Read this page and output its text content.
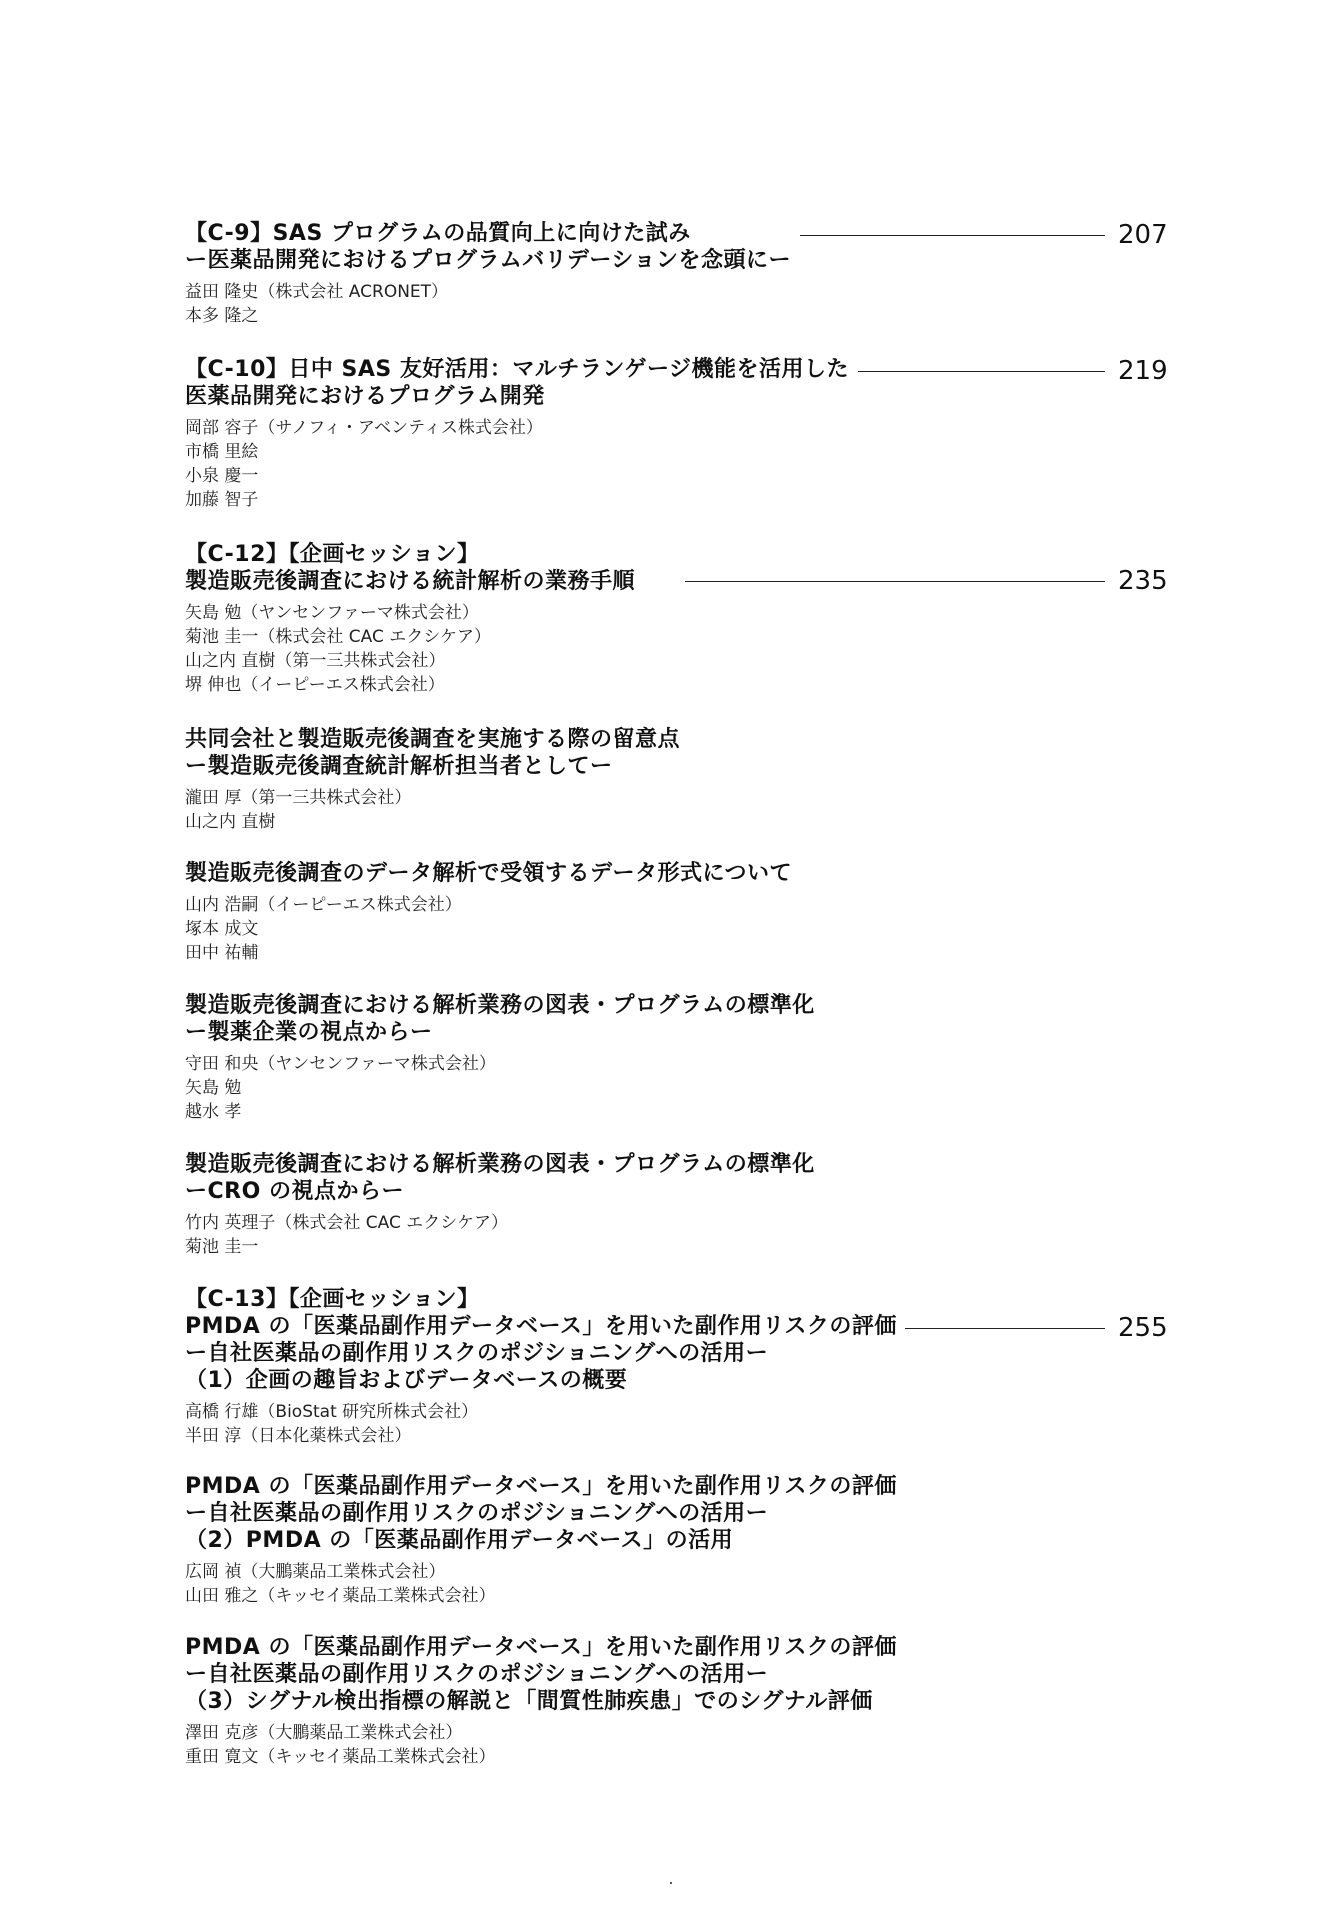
【C-9】SAS プログラムの品質向上に向けた試み
ー医薬品開発におけるプログラムバリデーションを念頭にー
益田 隆史（株式会社 ACRONET）
本多 隆之
207
【C-10】日中 SAS 友好活用：マルチランゲージ機能を活用した
医薬品開発におけるプログラム開発
岡部 容子（サノフィ・アベンティス株式会社）
市橋 里絵
小泉 慶一
加藤 智子
219
【C-12】【企画セッション】
製造販売後調査における統計解析の業務手順
矢島 勉（ヤンセンファーマ株式会社）
菊池 圭一（株式会社 CAC エクシケア）
山之内 直樹（第一三共株式会社）
堺 伸也（イーピーエス株式会社）
235
共同会社と製造販売後調査を実施する際の留意点
ー製造販売後調査統計解析担当者としてー
瀧田 厚（第一三共株式会社）
山之内 直樹
製造販売後調査のデータ解析で受領するデータ形式について
山内 浩嗣（イーピーエス株式会社）
塚本 成文
田中 祐輔
製造販売後調査における解析業務の図表・プログラムの標準化
ー製薬企業の視点からー
守田 和央（ヤンセンファーマ株式会社）
矢島 勉
越水 孝
製造販売後調査における解析業務の図表・プログラムの標準化
ーCRO の視点からー
竹内 英理子（株式会社 CAC エクシケア）
菊池 圭一
【C-13】【企画セッション】
PMDA の「医薬品副作用データベース」を用いた副作用リスクの評価
ー自社医薬品の副作用リスクのポジショニングへの活用ー
（1）企画の趣旨およびデータベースの概要
高橋 行雄（BioStat 研究所株式会社）
半田 淳（日本化薬株式会社）
255
PMDA の「医薬品副作用データベース」を用いた副作用リスクの評価
ー自社医薬品の副作用リスクのポジショニングへの活用ー
（2）PMDA の「医薬品副作用データベース」の活用
広岡 禎（大鵬薬品工業株式会社）
山田 雅之（キッセイ薬品工業株式会社）
PMDA の「医薬品副作用データベース」を用いた副作用リスクの評価
ー自社医薬品の副作用リスクのポジショニングへの活用ー
（3）シグナル検出指標の解説と「間質性肺疾患」でのシグナル評価
澤田 克彦（大鵬薬品工業株式会社）
重田 寛文（キッセイ薬品工業株式会社）
